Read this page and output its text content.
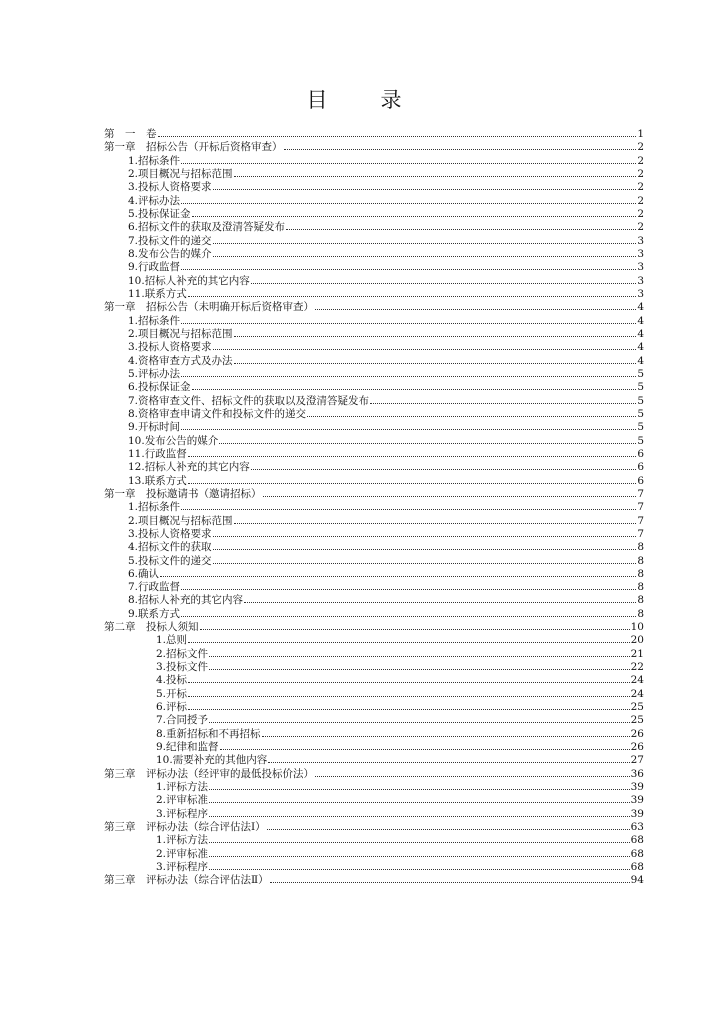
目　录
第　一　卷	1
第一章　招标公告（开标后资格审查）	2
1.招标条件	2
2.项目概况与招标范围	2
3.投标人资格要求	2
4.评标办法	2
5.投标保证金	2
6.招标文件的获取及澄清答疑发布	2
7.投标文件的递交	3
8.发布公告的媒介	3
9.行政监督	3
10.招标人补充的其它内容	3
11.联系方式	3
第一章　招标公告（未明确开标后资格审查）	4
1.招标条件	4
2.项目概况与招标范围	4
3.投标人资格要求	4
4.资格审查方式及办法	4
5.评标办法	5
6.投标保证金	5
7.资格审查文件、招标文件的获取以及澄清答疑发布	5
8.资格审查申请文件和投标文件的递交	5
9.开标时间	5
10.发布公告的媒介	5
11.行政监督	6
12.招标人补充的其它内容	6
13.联系方式	6
第一章　投标邀请书（邀请招标）	7
1.招标条件	7
2.项目概况与招标范围	7
3.投标人资格要求	7
4.招标文件的获取	8
5.投标文件的递交	8
6.确认	8
7.行政监督	8
8.招标人补充的其它内容	8
9.联系方式	8
第二章　投标人须知	10
1.总则	20
2.招标文件	21
3.投标文件	22
4.投标	24
5.开标	24
6.评标	25
7.合同授予	25
8.重新招标和不再招标	26
9.纪律和监督	26
10.需要补充的其他内容	27
第三章　评标办法（经评审的最低投标价法）	36
1.评标方法	39
2.评审标准	39
3.评标程序	39
第三章　评标办法（综合评估法Ⅰ）	63
1.评标方法	68
2.评审标准	68
3.评标程序	68
第三章　评标办法（综合评估法Ⅱ）	94
